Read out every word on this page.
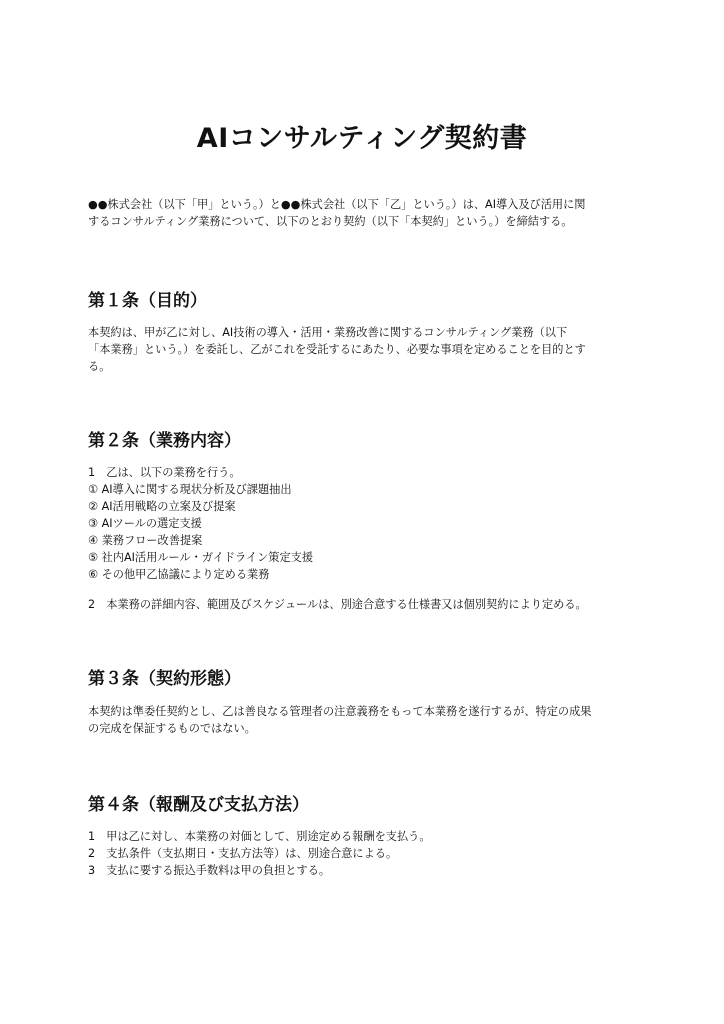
AIコンサルティング契約書

●●株式会社（以下「甲」という。）と●●株式会社（以下「乙」という。）は、AI導入及び活用に関
するコンサルティング業務について、以下のとおり契約（以下「本契約」という。）を締結する。

第１条（目的）

本契約は、甲が乙に対し、AI技術の導入・活用・業務改善に関するコンサルティング業務（以下
「本業務」という。）を委託し、乙がこれを受託するにあたり、必要な事項を定めることを目的とす
る。

第２条（業務内容）

1　乙は、以下の業務を行う。

① AI導入に関する現状分析及び課題抽出

② AI活用戦略の立案及び提案

③ AIツールの選定支援

④ 業務フロー改善提案

⑤ 社内AI活用ルール・ガイドライン策定支援

⑥ その他甲乙協議により定める業務

2　本業務の詳細内容、範囲及びスケジュールは、別途合意する仕様書又は個別契約により定める。

第３条（契約形態）

本契約は準委任契約とし、乙は善良なる管理者の注意義務をもって本業務を遂行するが、特定の成果
の完成を保証するものではない。

第４条（報酬及び支払方法）

1　甲は乙に対し、本業務の対価として、別途定める報酬を支払う。

2　支払条件（支払期日・支払方法等）は、別途合意による。

3　支払に要する振込手数料は甲の負担とする。
